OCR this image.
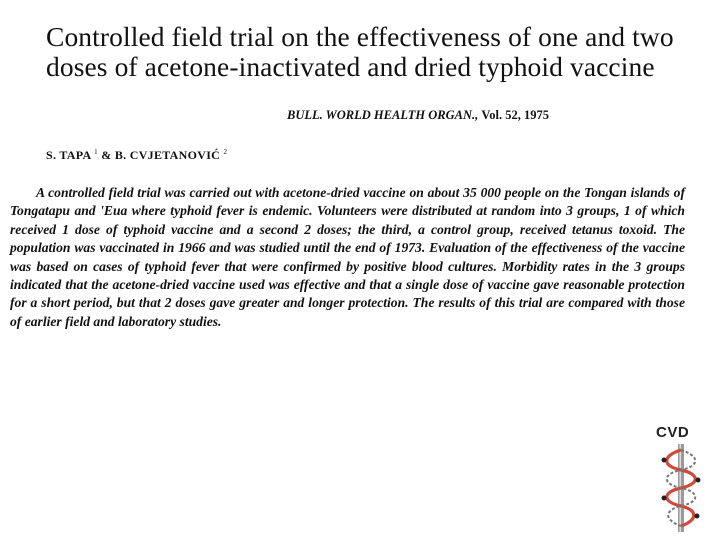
Controlled field trial on the effectiveness of one and two doses of acetone-inactivated and dried typhoid vaccine
BULL. WORLD HEALTH ORGAN., Vol. 52, 1975
S. TAPA $^1$ & B. CVJETANOVIĆ $^2$

A controlled field trial was carried out with acetone-dried vaccine on about 35 000 people on the Tongan islands of Tongatapu and 'Eua where typhoid fever is endemic. Volunteers were distributed at random into 3 groups, 1 of which received 1 dose of typhoid vaccine and a second 2 doses; the third, a control group, received tetanus toxoid. The population was vaccinated in 1966 and was studied until the end of 1973. Evaluation of the effectiveness of the vaccine was based on cases of typhoid fever that were confirmed by positive blood cultures. Morbidity rates in the 3 groups indicated that the acetone-dried vaccine used was effective and that a single dose of vaccine gave reasonable protection for a short period, but that 2 doses gave greater and longer protection. The results of this trial are compared with those of earlier field and laboratory studies.

CVD
